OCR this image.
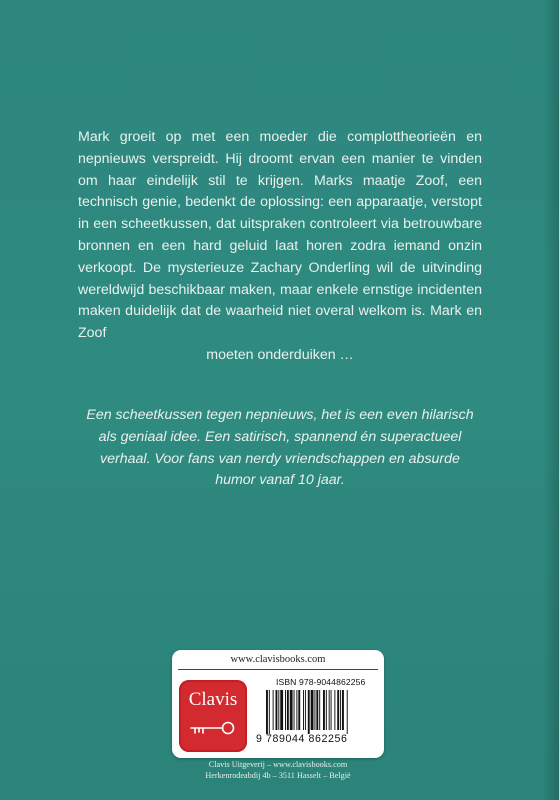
Mark groeit op met een moeder die complottheorieën en nepnieuws verspreidt. Hij droomt ervan een manier te vinden om haar eindelijk stil te krijgen. Marks maatje Zoof, een technisch genie, bedenkt de oplossing: een apparaatje, verstopt in een scheetkussen, dat uitspraken controleert via betrouwbare bronnen en een hard geluid laat horen zodra iemand onzin verkoopt. De mysterieuze Zachary Onderling wil de uitvinding wereldwijd beschikbaar maken, maar enkele ernstige incidenten maken duidelijk dat de waarheid niet overal welkom is. Mark en Zoof
moeten onderduiken …

Een scheetkussen tegen nepnieuws, het is een even hilarisch als geniaal idee. Een satirisch, spannend én superactueel verhaal. Voor fans van nerdy vriendschappen en absurde humor vanaf 10 jaar.

www.clavisbooks.com
Clavis
ISBN 978-9044862256
9 789044 862256
Clavis Uitgeverij – www.clavisbooks.com
Herkenrodeabdij 4b – 3511 Hasselt – België
